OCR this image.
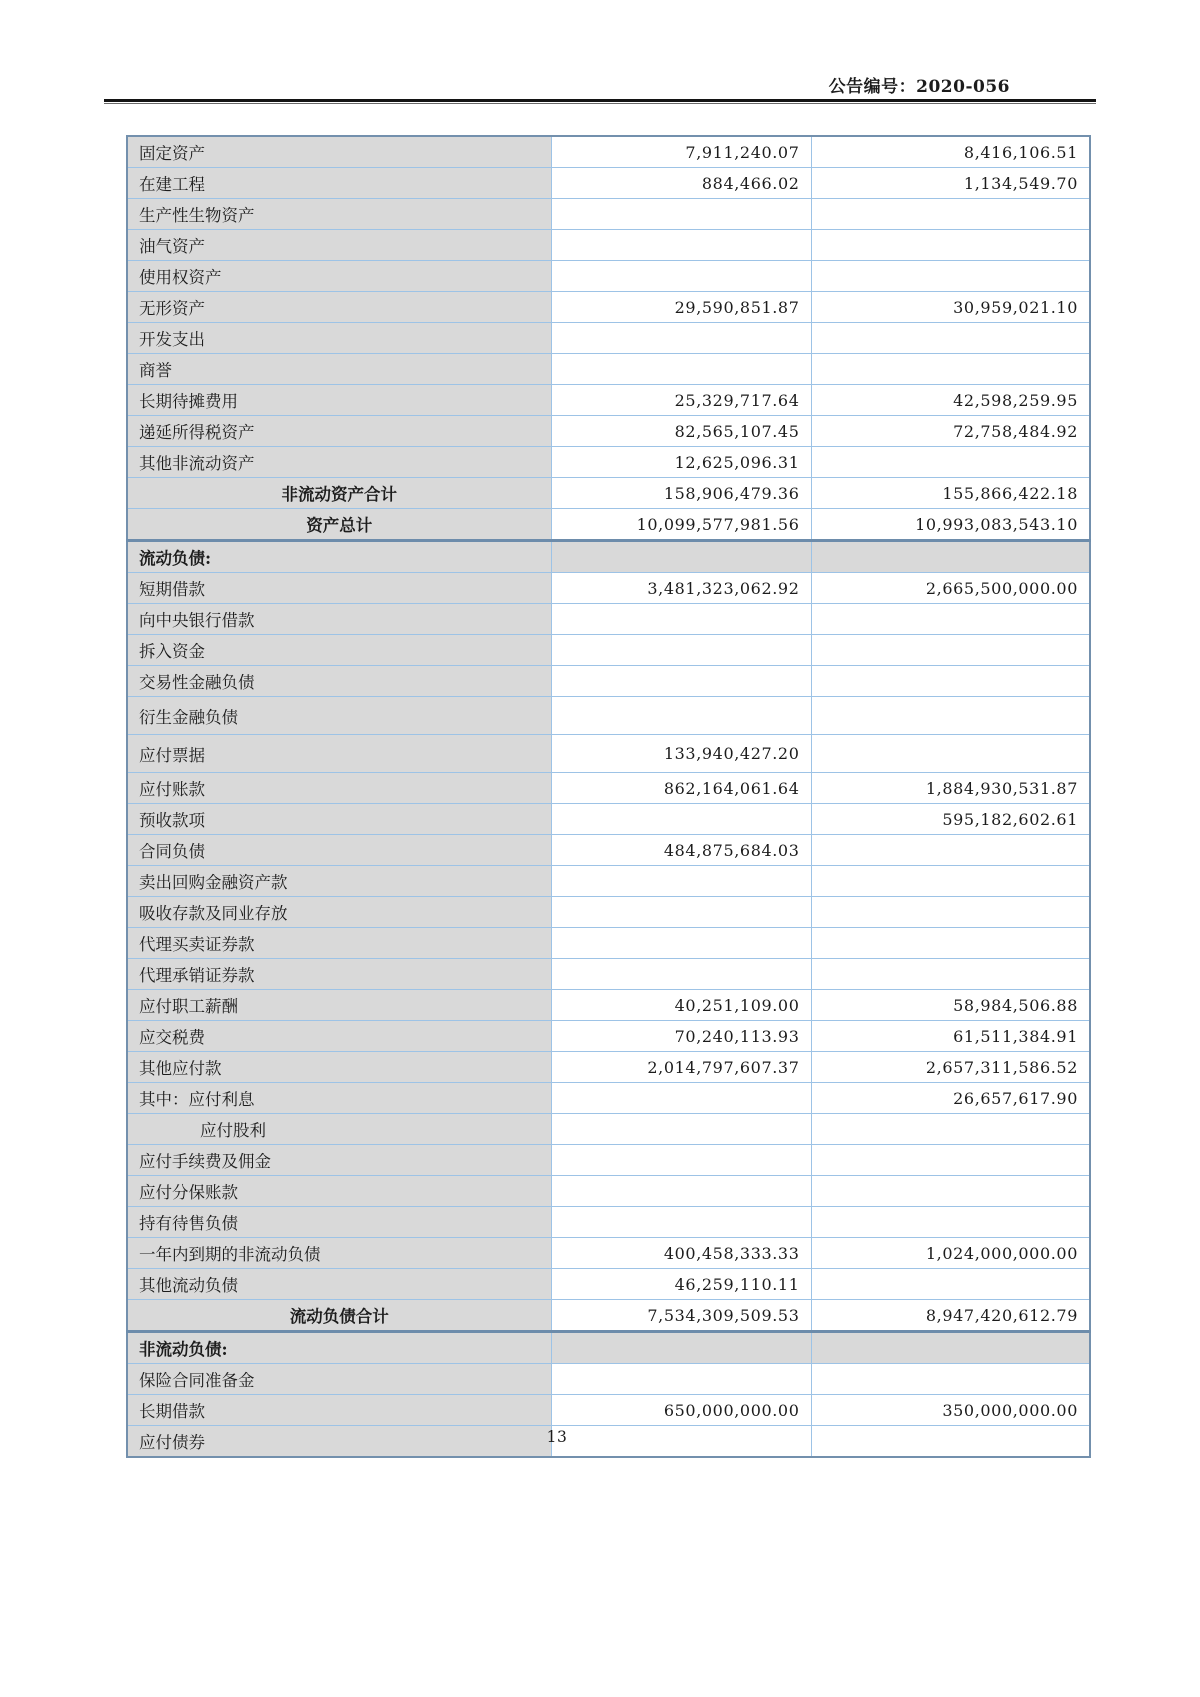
公告编号：2020-056
固定资产	7,911,240.07	8,416,106.51
在建工程	884,466.02	1,134,549.70
生产性生物资产		
油气资产		
使用权资产		
无形资产	29,590,851.87	30,959,021.10
开发支出		
商誉		
长期待摊费用	25,329,717.64	42,598,259.95
递延所得税资产	82,565,107.45	72,758,484.92
其他非流动资产	12,625,096.31	
非流动资产合计	158,906,479.36	155,866,422.18
资产总计	10,099,577,981.56	10,993,083,543.10
流动负债:		
短期借款	3,481,323,062.92	2,665,500,000.00
向中央银行借款		
拆入资金		
交易性金融负债		
衍生金融负债		
应付票据	133,940,427.20	
应付账款	862,164,061.64	1,884,930,531.87
预收款项		595,182,602.61
合同负债	484,875,684.03	
卖出回购金融资产款		
吸收存款及同业存放		
代理买卖证券款		
代理承销证券款		
应付职工薪酬	40,251,109.00	58,984,506.88
应交税费	70,240,113.93	61,511,384.91
其他应付款	2,014,797,607.37	2,657,311,586.52
其中：应付利息		26,657,617.90
应付股利		
应付手续费及佣金		
应付分保账款		
持有待售负债		
一年内到期的非流动负债	400,458,333.33	1,024,000,000.00
其他流动负债	46,259,110.11	
流动负债合计	7,534,309,509.53	8,947,420,612.79
非流动负债:		
保险合同准备金		
长期借款	650,000,000.00	350,000,000.00
应付债券			13
